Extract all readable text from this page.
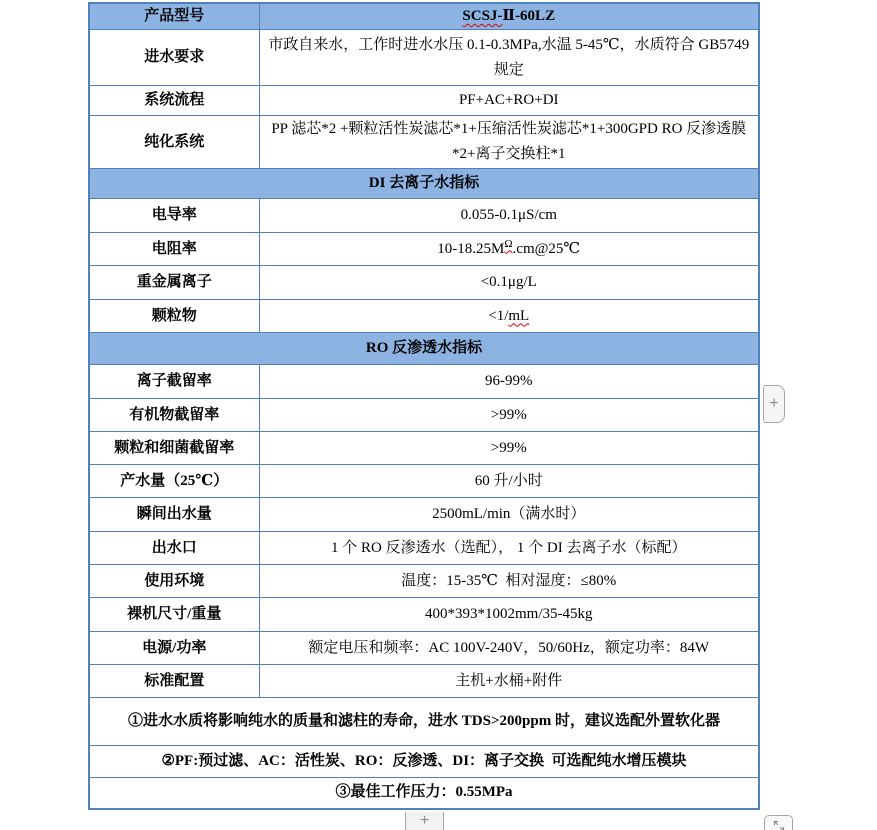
产品型号	SCSJ-Ⅱ-60LZ
进水要求	市政自来水，工作时进水水压 0.1-0.3MPa,水温 5-45℃，水质符合 GB5749 规定
系统流程	PF+AC+RO+DI
纯化系统	PP 滤芯*2 +颗粒活性炭滤芯*1+压缩活性炭滤芯*1+300GPD RO 反渗透膜*2+离子交换柱*1
DI 去离子水指标	
电导率	0.055-0.1μS/cm
电阻率	$10-18.25M^\Omega.cm@25℃$
重金属离子	<0.1μg/L
颗粒物	<1/mL
RO 反渗透水指标	
离子截留率	96-99%
有机物截留率	>99%
颗粒和细菌截留率	>99%
产水量（25℃）	60 升/小时
瞬间出水量	2500mL/min（满水时）
出水口	1 个 RO 反渗透水（选配）， 1 个 DI 去离子水（标配）
使用环境	温度：15-35℃  相对湿度：≤80%
裸机尺寸/重量	400*393*1002mm/35-45kg
电源/功率	额定电压和频率：AC 100V-240V，50/60Hz，额定功率：84W
标准配置	主机+水桶+附件
①进水水质将影响纯水的质量和滤柱的寿命，进水 TDS>200ppm 时，建议选配外置软化器	
②PF:预过滤、AC：活性炭、RO：反渗透、DI：离子交换  可选配纯水增压模块	
③最佳工作压力：0.55MPa	
+
+
